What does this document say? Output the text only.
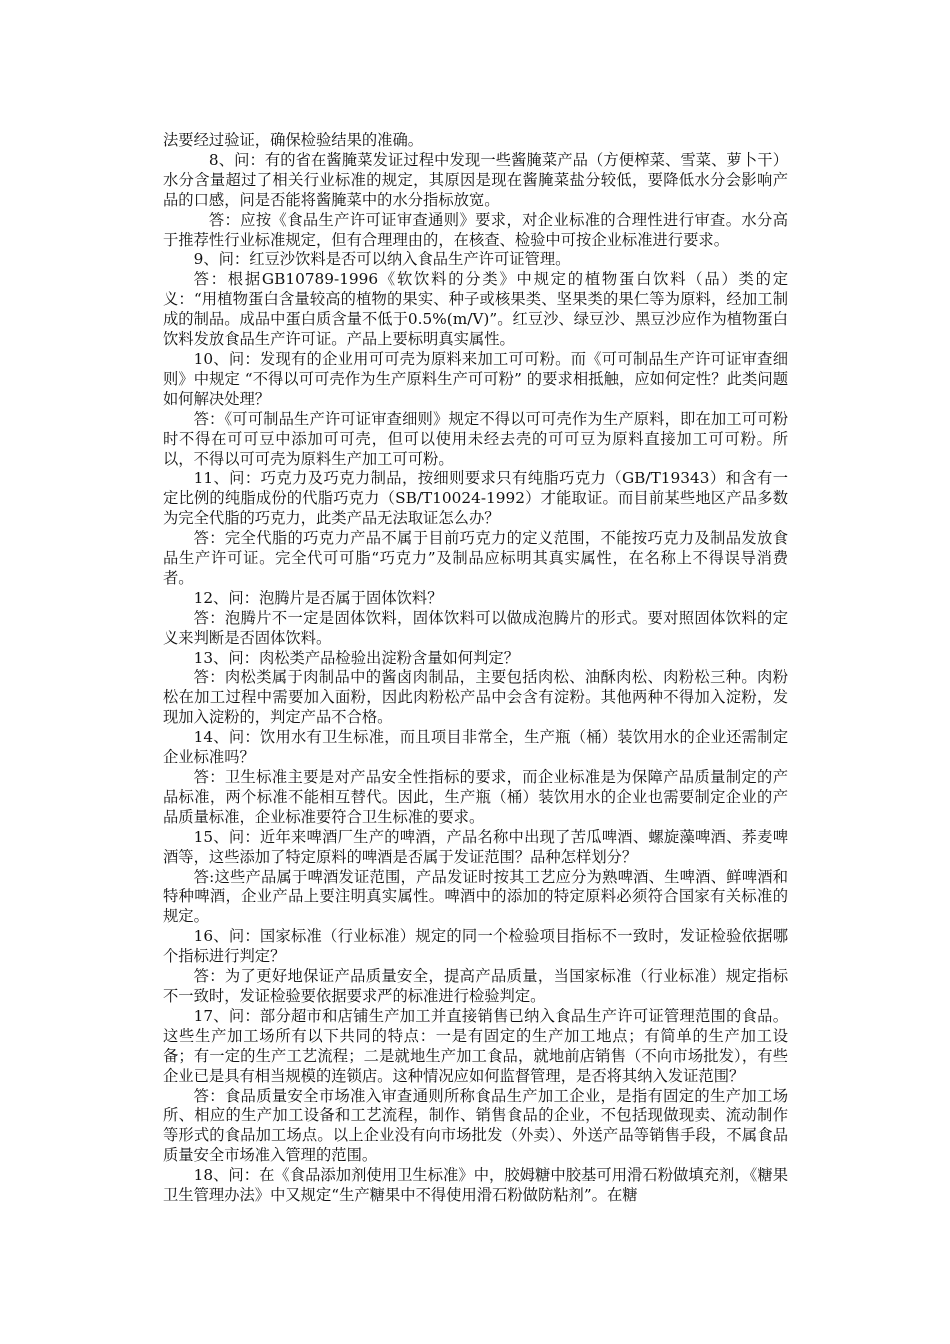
法要经过验证，确保检验结果的准确。

8、问：有的省在酱腌菜发证过程中发现一些酱腌菜产品（方便榨菜、雪菜、萝卜干）水分含量超过了相关行业标准的规定，其原因是现在酱腌菜盐分较低，要降低水分会影响产品的口感，问是否能将酱腌菜中的水分指标放宽。

答：应按《食品生产许可证审查通则》要求，对企业标准的合理性进行审查。水分高于推荐性行业标准规定，但有合理理由的，在核查、检验中可按企业标准进行要求。

9、问：红豆沙饮料是否可以纳入食品生产许可证管理。

答：根据GB10789-1996《软饮料的分类》中规定的植物蛋白饮料（品）类的定义：“用植物蛋白含量较高的植物的果实、种子或核果类、坚果类的果仁等为原料，经加工制成的制品。成品中蛋白质含量不低于0.5%(m/V)”。红豆沙、绿豆沙、黑豆沙应作为植物蛋白饮料发放食品生产许可证。产品上要标明真实属性。

10、问：发现有的企业用可可壳为原料来加工可可粉。而《可可制品生产许可证审查细则》中规定 “不得以可可壳作为生产原料生产可可粉” 的要求相抵触，应如何定性？此类问题如何解决处理？

答：《可可制品生产许可证审查细则》规定不得以可可壳作为生产原料，即在加工可可粉时不得在可可豆中添加可可壳，但可以使用未经去壳的可可豆为原料直接加工可可粉。所以，不得以可可壳为原料生产加工可可粉。

11、问：巧克力及巧克力制品，按细则要求只有纯脂巧克力（GB/T19343）和含有一定比例的纯脂成份的代脂巧克力（SB/T10024-1992）才能取证。而目前某些地区产品多数为完全代脂的巧克力，此类产品无法取证怎么办？

答：完全代脂的巧克力产品不属于目前巧克力的定义范围，不能按巧克力及制品发放食品生产许可证。完全代可可脂“巧克力”及制品应标明其真实属性，在名称上不得误导消费者。

12、问：泡腾片是否属于固体饮料？

答：泡腾片不一定是固体饮料，固体饮料可以做成泡腾片的形式。要对照固体饮料的定义来判断是否固体饮料。

13、问：肉松类产品检验出淀粉含量如何判定？

答：肉松类属于肉制品中的酱卤肉制品，主要包括肉松、油酥肉松、肉粉松三种。肉粉松在加工过程中需要加入面粉，因此肉粉松产品中会含有淀粉。其他两种不得加入淀粉，发现加入淀粉的，判定产品不合格。

14、问：饮用水有卫生标准，而且项目非常全，生产瓶（桶）装饮用水的企业还需制定企业标准吗？

答：卫生标准主要是对产品安全性指标的要求，而企业标准是为保障产品质量制定的产品标准，两个标准不能相互替代。因此，生产瓶（桶）装饮用水的企业也需要制定企业的产品质量标准，企业标准要符合卫生标准的要求。

15、问：近年来啤酒厂生产的啤酒，产品名称中出现了苦瓜啤酒、螺旋藻啤酒、荞麦啤酒等，这些添加了特定原料的啤酒是否属于发证范围？品种怎样划分？

答:这些产品属于啤酒发证范围，产品发证时按其工艺应分为熟啤酒、生啤酒、鲜啤酒和特种啤酒，企业产品上要注明真实属性。啤酒中的添加的特定原料必须符合国家有关标准的规定。

16、问：国家标准（行业标准）规定的同一个检验项目指标不一致时，发证检验依据哪个指标进行判定？

答：为了更好地保证产品质量安全，提高产品质量，当国家标准（行业标准）规定指标不一致时，发证检验要依据要求严的标准进行检验判定。

17、问：部分超市和店铺生产加工并直接销售已纳入食品生产许可证管理范围的食品。这些生产加工场所有以下共同的特点：一是有固定的生产加工地点；有简单的生产加工设备；有一定的生产工艺流程；二是就地生产加工食品，就地前店销售（不向市场批发），有些企业已是具有相当规模的连锁店。这种情况应如何监督管理，是否将其纳入发证范围？

答：食品质量安全市场准入审查通则所称食品生产加工企业，是指有固定的生产加工场所、相应的生产加工设备和工艺流程，制作、销售食品的企业，不包括现做现卖、流动制作等形式的食品加工场点。以上企业没有向市场批发（外卖）、外送产品等销售手段，不属食品质量安全市场准入管理的范围。

18、问：在《食品添加剂使用卫生标准》中，胶姆糖中胶基可用滑石粉做填充剂，《糖果卫生管理办法》中又规定“生产糖果中不得使用滑石粉做防粘剂”。在糖
